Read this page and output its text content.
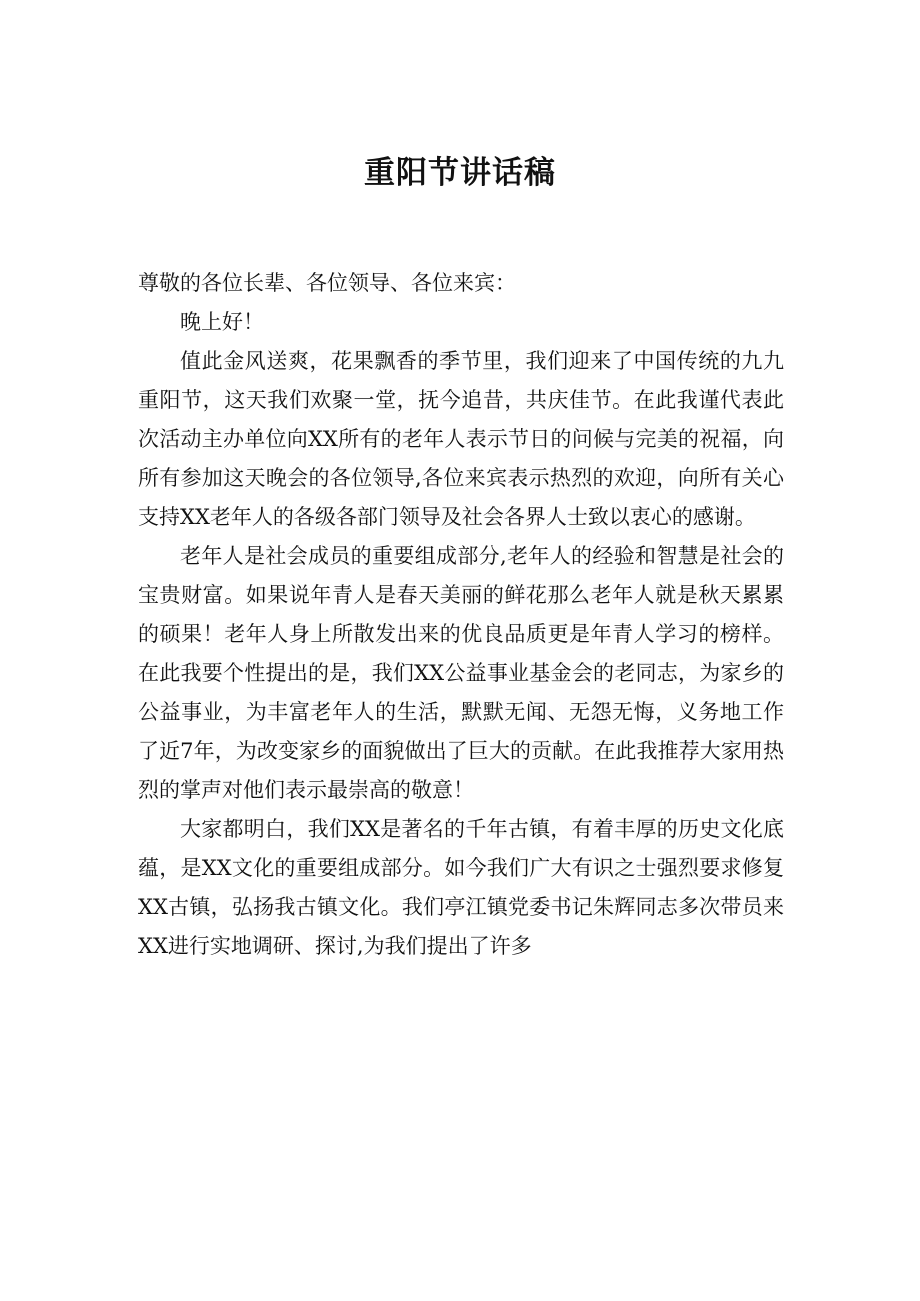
重阳节讲话稿

尊敬的各位长辈、各位领导、各位来宾：

晚上好！

值此金风送爽，花果飘香的季节里，我们迎来了中国传统的九九重阳节，这天我们欢聚一堂，抚今追昔，共庆佳节。在此我谨代表此次活动主办单位向XX所有的老年人表示节日的问候与完美的祝福，向所有参加这天晚会的各位领导,各位来宾表示热烈的欢迎，向所有关心支持XX老年人的各级各部门领导及社会各界人士致以衷心的感谢。

老年人是社会成员的重要组成部分,老年人的经验和智慧是社会的宝贵财富。如果说年青人是春天美丽的鲜花那么老年人就是秋天累累的硕果！老年人身上所散发出来的优良品质更是年青人学习的榜样。在此我要个性提出的是，我们XX公益事业基金会的老同志，为家乡的公益事业，为丰富老年人的生活，默默无闻、无怨无悔，义务地工作了近7年，为改变家乡的面貌做出了巨大的贡献。在此我推荐大家用热烈的掌声对他们表示最崇高的敬意！

大家都明白，我们XX是著名的千年古镇，有着丰厚的历史文化底蕴，是XX文化的重要组成部分。如今我们广大有识之士强烈要求修复XX古镇，弘扬我古镇文化。我们亭江镇党委书记朱辉同志多次带员来XX进行实地调研、探讨,为我们提出了许多
